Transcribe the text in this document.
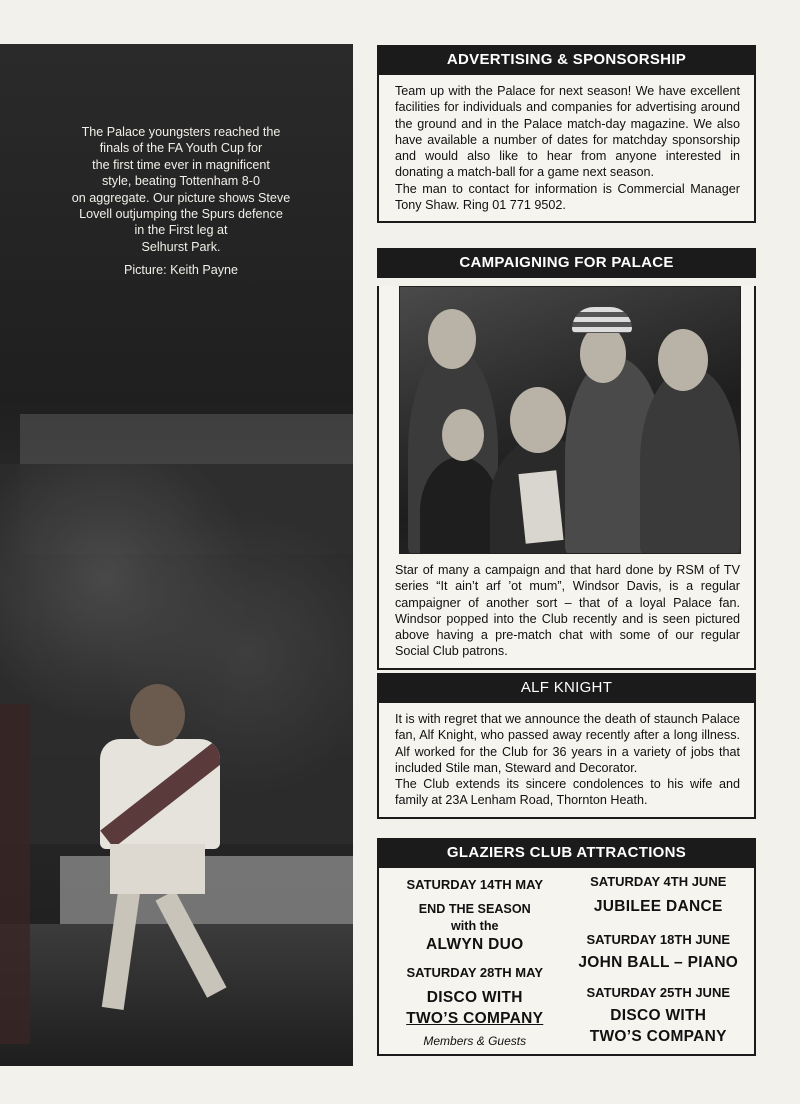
The Palace youngsters reached the
finals of the FA Youth Cup for
the first time ever in magnificent
style, beating Tottenham 8-0
on aggregate. Our picture shows Steve
Lovell outjumping the Spurs defence
in the First leg at
Selhurst Park.
Picture: Keith Payne
ADVERTISING & SPONSORSHIP

Team up with the Palace for next season! We have excellent facilities for individuals and companies for advertising around the ground and in the Palace match-day magazine. We also have available a number of dates for matchday sponsorship and would also like to hear from anyone interested in donating a match-ball for a game next season.

The man to contact for information is Commercial Manager Tony Shaw. Ring 01 771 9502.

CAMPAIGNING FOR PALACE

Star of many a campaign and that hard done by RSM of TV series “It ain’t arf ’ot mum”, Windsor Davis, is a regular campaigner of another sort – that of a loyal Palace fan. Windsor popped into the Club recently and is seen pictured above having a pre-match chat with some of our regular Social Club patrons.

ALF KNIGHT

It is with regret that we announce the death of staunch Palace fan, Alf Knight, who passed away recently after a long illness. Alf worked for the Club for 36 years in a variety of jobs that included Stile man, Steward and Decorator.

The Club extends its sincere condolences to his wife and family at 23A Lenham Road, Thornton Heath.

GLAZIERS CLUB ATTRACTIONS
SATURDAY 14TH MAY
END THE SEASON
with the
ALWYN DUO
SATURDAY 28TH MAY
DISCO WITH
TWO’S COMPANY
Members & Guests
SATURDAY 4TH JUNE
JUBILEE DANCE
SATURDAY 18TH JUNE
JOHN BALL – PIANO
SATURDAY 25TH JUNE
DISCO WITH
TWO’S COMPANY
